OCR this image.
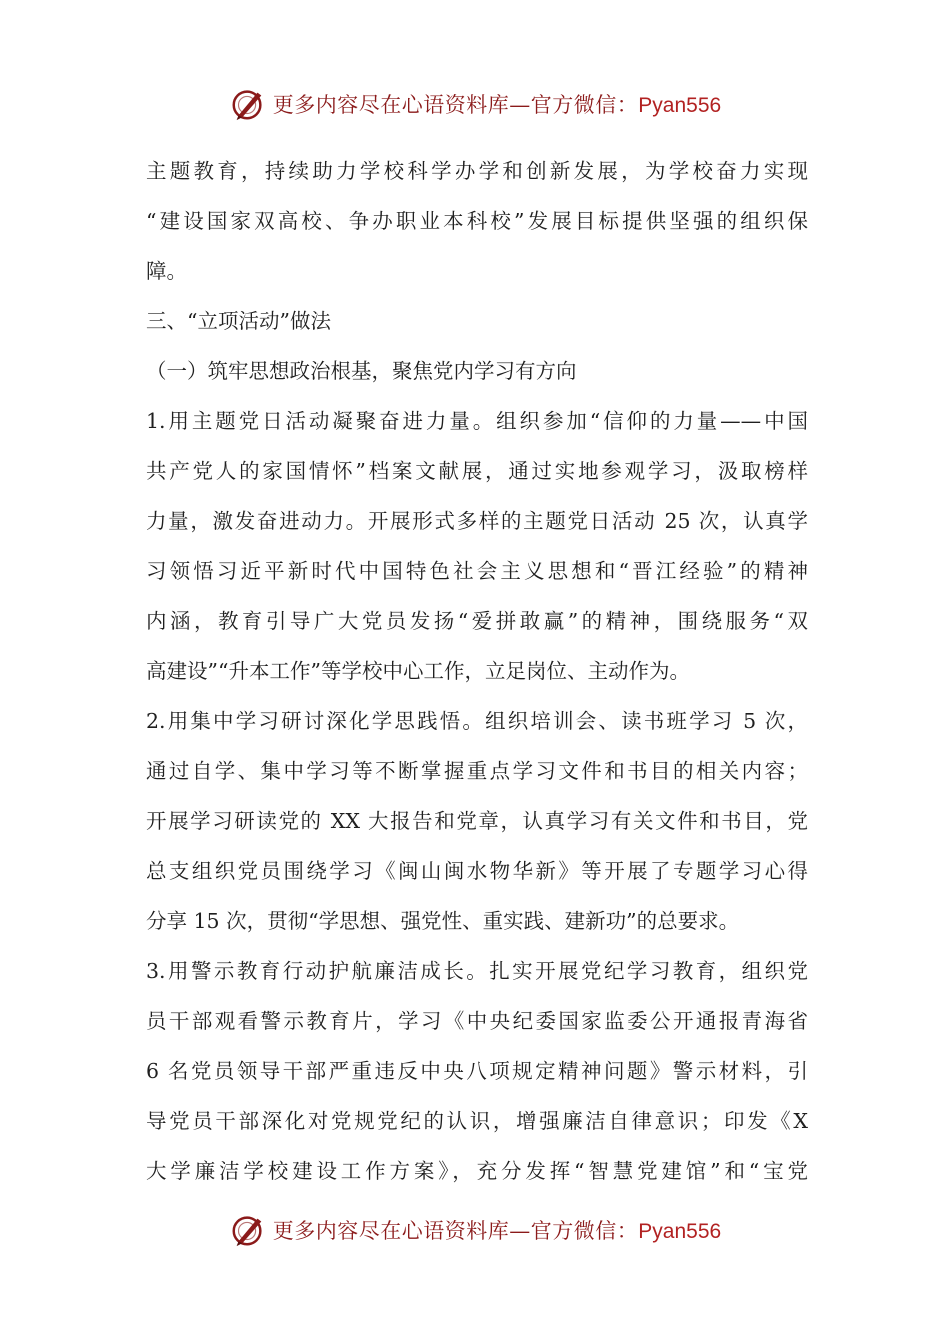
更多内容尽在心语资料库—官方微信：Pyan556
主题教育，持续助力学校科学办学和创新发展，为学校奋力实现
“建设国家双高校、争办职业本科校”发展目标提供坚强的组织保
障。
三、“立项活动”做法
（一）筑牢思想政治根基，聚焦党内学习有方向
1.用主题党日活动凝聚奋进力量。组织参加“信仰的力量——中国
共产党人的家国情怀”档案文献展，通过实地参观学习，汲取榜样
力量，激发奋进动力。开展形式多样的主题党日活动 25 次，认真学
习领悟习近平新时代中国特色社会主义思想和“晋江经验”的精神
内涵，教育引导广大党员发扬“爱拼敢赢”的精神，围绕服务“双
高建设”“升本工作”等学校中心工作，立足岗位、主动作为。
2.用集中学习研讨深化学思践悟。组织培训会、读书班学习 5 次，
通过自学、集中学习等不断掌握重点学习文件和书目的相关内容；
开展学习研读党的 XX 大报告和党章，认真学习有关文件和书目，党
总支组织党员围绕学习《闽山闽水物华新》等开展了专题学习心得
分享 15 次，贯彻“学思想、强党性、重实践、建新功”的总要求。
3.用警示教育行动护航廉洁成长。扎实开展党纪学习教育，组织党
员干部观看警示教育片，学习《中央纪委国家监委公开通报青海省
6 名党员领导干部严重违反中央八项规定精神问题》警示材料，引
导党员干部深化对党规党纪的认识，增强廉洁自律意识；印发《X
大学廉洁学校建设工作方案》，充分发挥“智慧党建馆”和“宝党
更多内容尽在心语资料库—官方微信：Pyan556
